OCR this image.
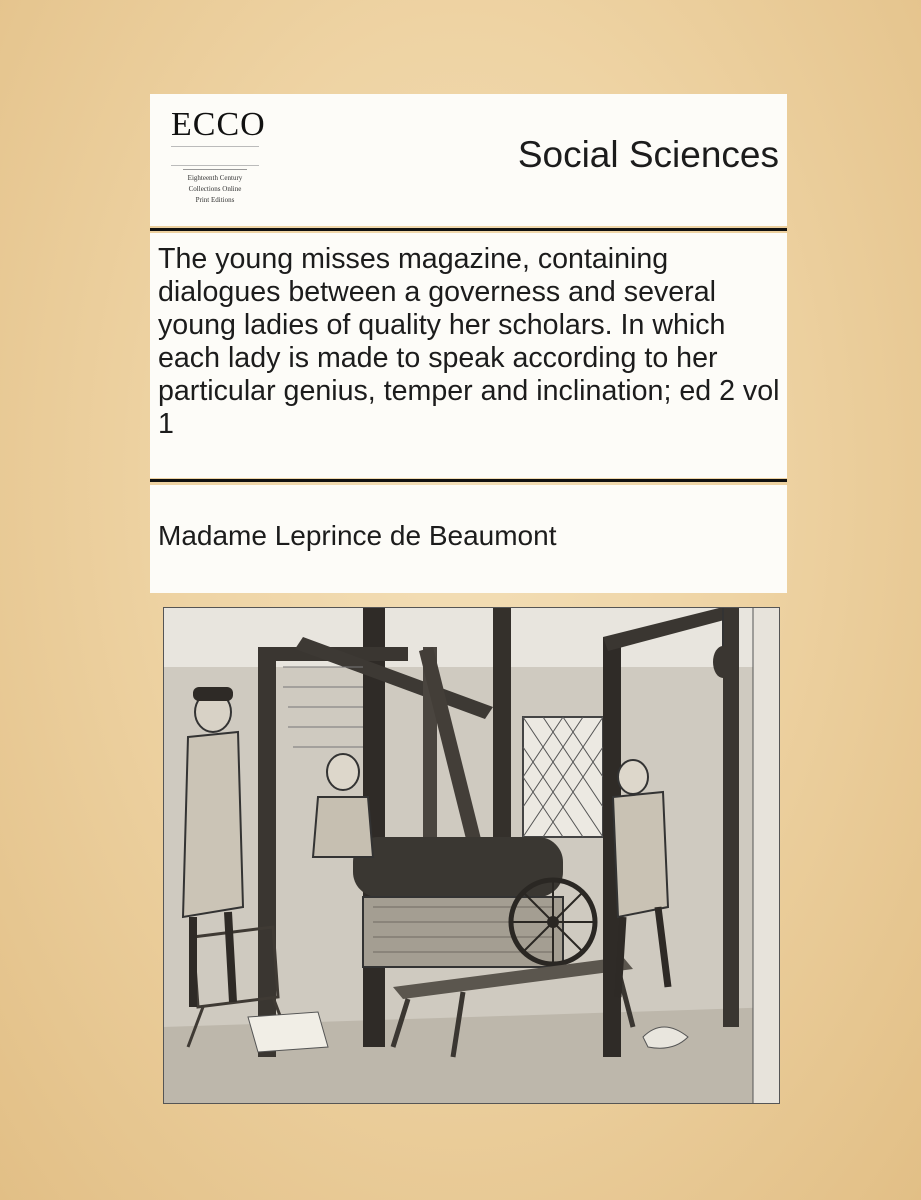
ECCO
Eighteenth Century
Collections Online
Print Editions
Social Sciences
The young misses magazine, containing dialogues between a governess and several young ladies of quality her scholars. In which each lady is made to speak according to her particular genius, temper and inclination; ed 2 vol 1
Madame Leprince de Beaumont
